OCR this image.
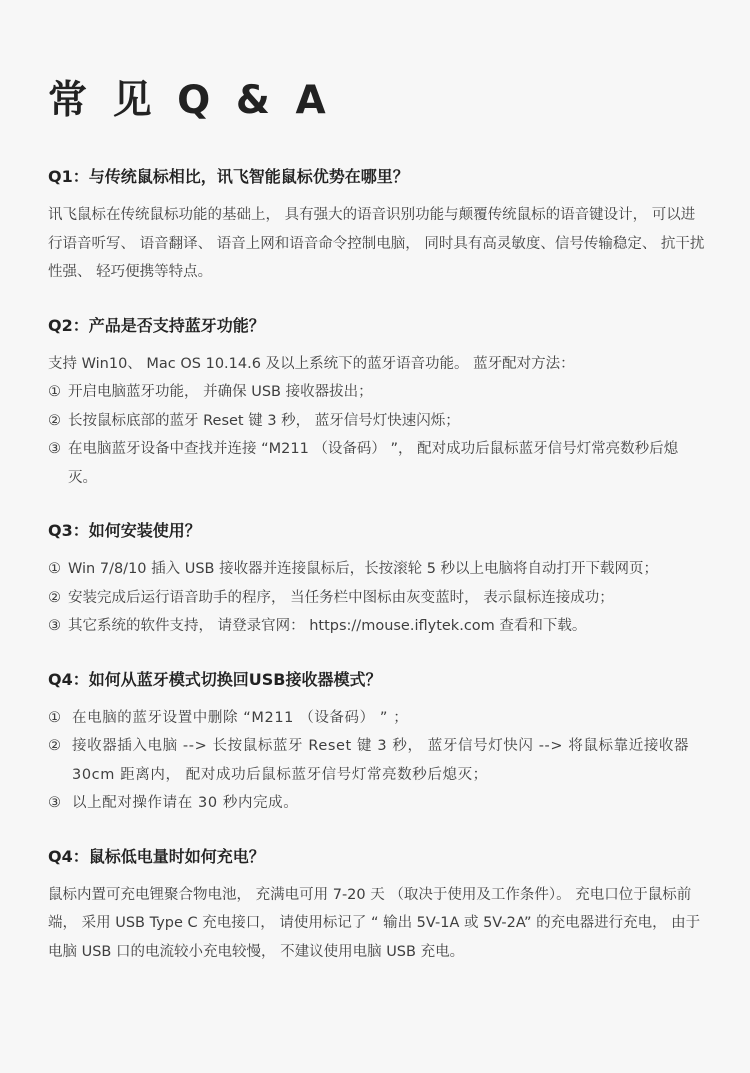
常 见 Q & A
Q1：与传统鼠标相比，讯飞智能鼠标优势在哪里？

讯飞鼠标在传统鼠标功能的基础上， 具有强大的语音识别功能与颠覆传统鼠标的语音键设计， 可以进行语音听写、 语音翻译、 语音上网和语音命令控制电脑， 同时具有高灵敏度、信号传输稳定、 抗干扰性强、 轻巧便携等特点。

Q2：产品是否支持蓝牙功能？

支持 Win10、 Mac OS 10.14.6 及以上系统下的蓝牙语音功能。 蓝牙配对方法：

① 开启电脑蓝牙功能， 并确保 USB 接收器拔出；
② 长按鼠标底部的蓝牙 Reset 键 3 秒， 蓝牙信号灯快速闪烁；
③ 在电脑蓝牙设备中查找并连接 “M211 （设备码） ”， 配对成功后鼠标蓝牙信号灯常亮数秒后熄灭。
Q3：如何安装使用？
① Win 7/8/10 插入 USB 接收器并连接鼠标后，长按滚轮 5 秒以上电脑将自动打开下载网页；
② 安装完成后运行语音助手的程序， 当任务栏中图标由灰变蓝时， 表示鼠标连接成功；
③ 其它系统的软件支持， 请登录官网： https://mouse.iflytek.com 查看和下载。
Q4：如何从蓝牙模式切换回USB接收器模式？
① 在电脑的蓝牙设置中删除 “M211 （设备码） ” ；
② 接收器插入电脑 --> 长按鼠标蓝牙 Reset 键 3 秒， 蓝牙信号灯快闪 --> 将鼠标靠近接收器 30cm 距离内， 配对成功后鼠标蓝牙信号灯常亮数秒后熄灭；
③ 以上配对操作请在 30 秒内完成。
Q4：鼠标低电量时如何充电？

鼠标内置可充电锂聚合物电池， 充满电可用 7-20 天 （取决于使用及工作条件）。 充电口位于鼠标前端， 采用 USB Type C 充电接口， 请使用标记了 “ 输出 5V-1A 或 5V-2A” 的充电器进行充电， 由于电脑 USB 口的电流较小充电较慢， 不建议使用电脑 USB 充电。
